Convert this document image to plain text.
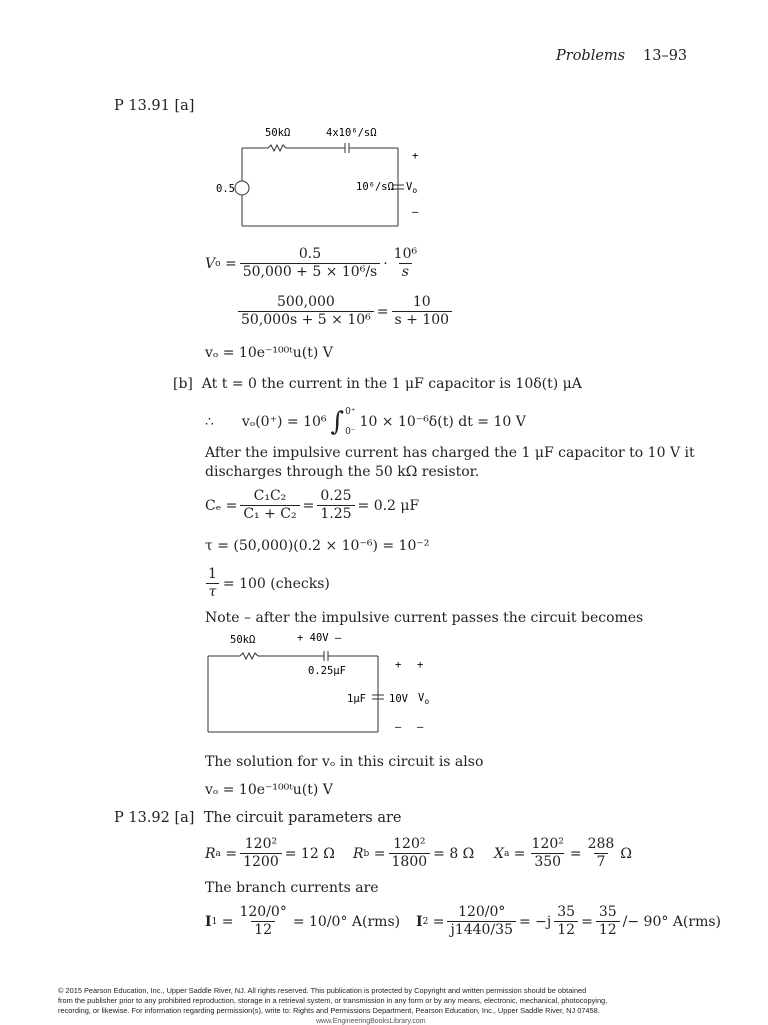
Problems 13–93
P 13.91 [a]
50kΩ	4x10⁶/sΩ
0.5	10⁶/sΩ $V_o$
+
–
V $o = \frac{0.5}{\text{50,000 + 5 × 10⁶/s}} \cdot \frac{\text{10⁶}}{s}$
$\frac{500,000}{\text{50,000s + 5 × 10⁶}} = \frac{10}{s + 100}$
vₒ = 10e⁻¹⁰⁰ᵗu(t) V
[b] At t = 0 the current in the 1 μF capacitor is 10δ(t) μA
∴ vₒ(0⁺) = 10⁶ ∫ 0⁺
0⁻
10 × 10⁻⁶δ(t) dt = 10 V
After the impulsive current has charged the 1 μF capacitor to 10 V it
discharges through the 50 kΩ resistor.
$C_e = \frac{\text{C₁C₂}}{\text{C₁ + C₂}} = \frac{0.25}{1.25} = 0.2$ μF
τ = (50,000)(0.2 × 10⁻⁶) = 10⁻²
$\frac{1}{\tau} = 100$ (checks)
Note – after the impulsive current passes the circuit becomes
50kΩ	+ 40V –
0.25μF
1μF 10V $V_o$
+ +
– –
The solution for vₒ in this circuit is also
vₒ = 10e⁻¹⁰⁰ᵗu(t) V
P 13.92 [a] The circuit parameters are
R $a = \frac{\text{120²}}{1200} = 12$ Ω R $b = \frac{\text{120²}}{1800} = 8$ Ω X $a = \frac{\text{120²}}{350} = \frac{288}{7}$ Ω
The branch currents are
I $1 = \frac{120/0^\circ}{12} = 10/0^\circ$ A(rms) I $2 = \frac{120/0^\circ}{j1440/35} = -j \frac{35}{12} = \frac{35}{12} /- 90^\circ$ A(rms)
© 2015 Pearson Education, Inc., Upper Saddle River, NJ. All rights reserved. This publication is protected by Copyright and written permission should be obtained
from the publisher prior to any prohibited reproduction, storage in a retrieval system, or transmission in any form or by any means, electronic, mechanical, photocopying,
recording, or likewise. For information regarding permission(s), write to: Rights and Permissions Department, Pearson Education, Inc., Upper Saddle River, NJ 07458.
www.EngineeringBooksLibrary.com
